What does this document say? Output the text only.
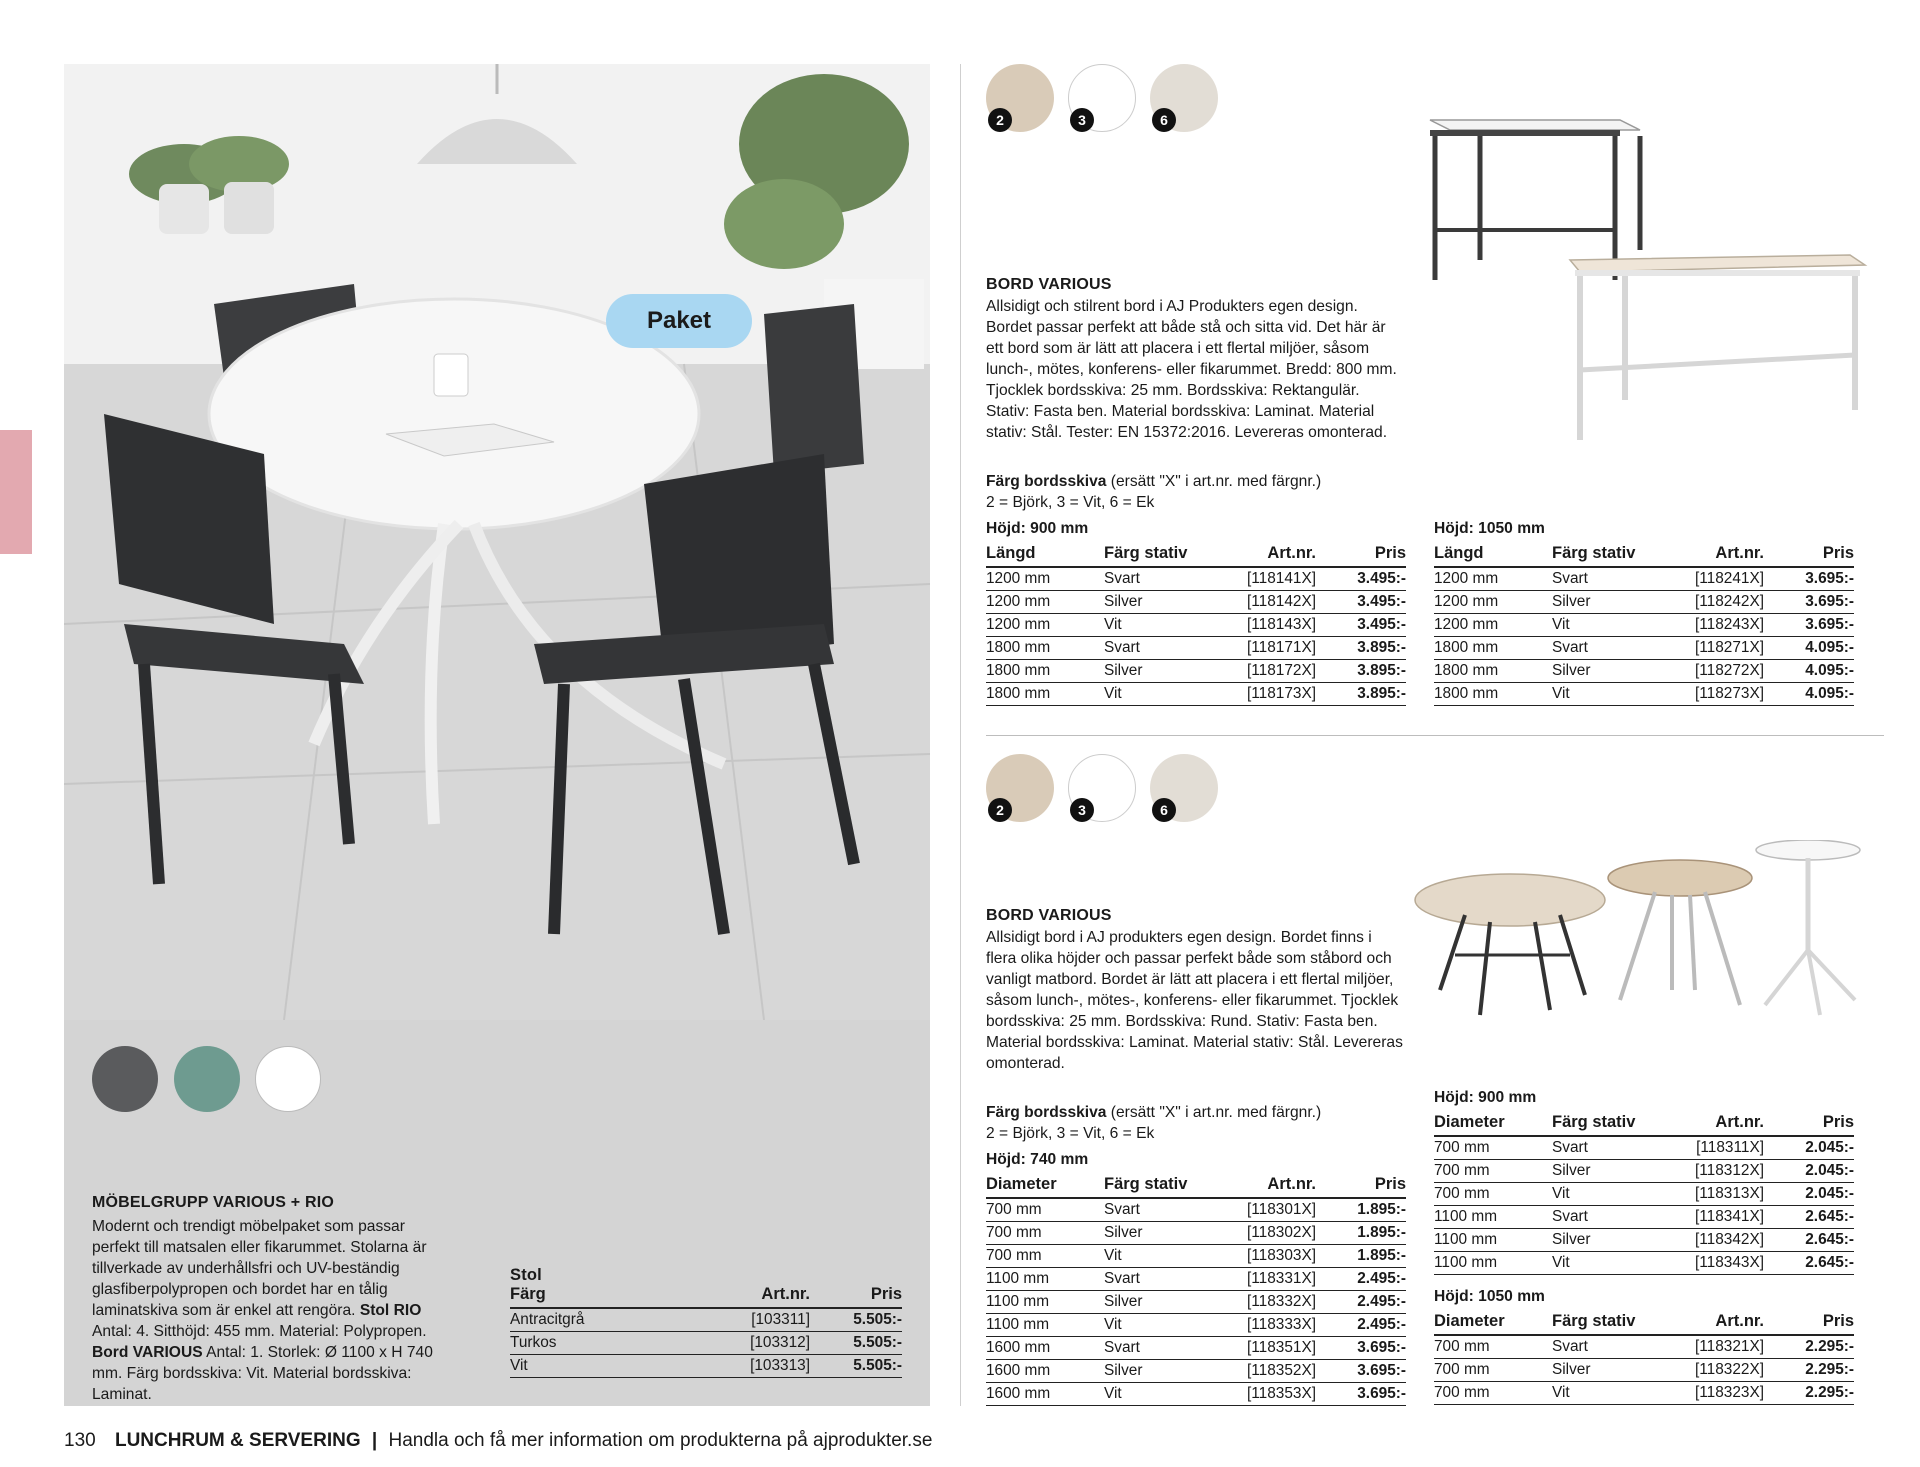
Paket
MÖBELGRUPP VARIOUS + RIO
Modernt och trendigt möbelpaket som passar perfekt till matsalen eller fikarummet. Stolarna är tillverkade av underhållsfri och UV-beständig glasfiberpolypropen och bordet har en tålig laminatskiva som är enkel att rengöra. Stol RIO Antal: 4. Sitthöjd: 455 mm. Material: Polypropen. Bord VARIOUS Antal: 1. Storlek: Ø 1100 x H 740 mm. Färg bordsskiva: Vit. Material bordsskiva: Laminat.
Stol
Färg	Art.nr.	Pris
Antracitgrå	[103311]	5.505:-
Turkos	[103312]	5.505:-
Vit	[103313]	5.505:-
2	3	6
BORD VARIOUS
Allsidigt och stilrent bord i AJ Produkters egen design. Bordet passar perfekt att både stå och sitta vid. Det här är ett bord som är lätt att placera i ett flertal miljöer, såsom lunch-, mötes, konferens- eller fikarummet. Bredd: 800 mm. Tjocklek bordsskiva: 25 mm. Bordsskiva: Rektangulär. Stativ: Fasta ben. Material bordsskiva: Laminat. Material stativ: Stål. Tester: EN 15372:2016. Levereras omonterad.
Färg bordsskiva (ersätt "X" i art.nr. med färgnr.)
2 = Björk, 3 = Vit, 6 = Ek
Höjd: 900 mm
Längd	Färg stativ	Art.nr.	Pris
1200 mm	Svart	[118141X]	3.495:-
1200 mm	Silver	[118142X]	3.495:-
1200 mm	Vit	[118143X]	3.495:-
1800 mm	Svart	[118171X]	3.895:-
1800 mm	Silver	[118172X]	3.895:-
1800 mm	Vit	[118173X]	3.895:-
Höjd: 1050 mm
Längd	Färg stativ	Art.nr.	Pris
1200 mm	Svart	[118241X]	3.695:-
1200 mm	Silver	[118242X]	3.695:-
1200 mm	Vit	[118243X]	3.695:-
1800 mm	Svart	[118271X]	4.095:-
1800 mm	Silver	[118272X]	4.095:-
1800 mm	Vit	[118273X]	4.095:-
2	3	6
BORD VARIOUS
Allsidigt bord i AJ produkters egen design. Bordet finns i flera olika höjder och passar perfekt både som ståbord och vanligt matbord. Bordet är lätt att placera i ett flertal miljöer, såsom lunch-, mötes-, konferens- eller fikarummet. Tjocklek bordsskiva: 25 mm. Bordsskiva: Rund. Stativ: Fasta ben. Material bordsskiva: Laminat. Material stativ: Stål. Levereras omonterad.
Färg bordsskiva (ersätt "X" i art.nr. med färgnr.)
2 = Björk, 3 = Vit, 6 = Ek
Höjd: 740 mm
Diameter	Färg stativ	Art.nr.	Pris
700 mm	Svart	[118301X]	1.895:-
700 mm	Silver	[118302X]	1.895:-
700 mm	Vit	[118303X]	1.895:-
1100 mm	Svart	[118331X]	2.495:-
1100 mm	Silver	[118332X]	2.495:-
1100 mm	Vit	[118333X]	2.495:-
1600 mm	Svart	[118351X]	3.695:-
1600 mm	Silver	[118352X]	3.695:-
1600 mm	Vit	[118353X]	3.695:-
Höjd: 900 mm
Diameter	Färg stativ	Art.nr.	Pris
700 mm	Svart	[118311X]	2.045:-
700 mm	Silver	[118312X]	2.045:-
700 mm	Vit	[118313X]	2.045:-
1100 mm	Svart	[118341X]	2.645:-
1100 mm	Silver	[118342X]	2.645:-
1100 mm	Vit	[118343X]	2.645:-
Höjd: 1050 mm
Diameter	Färg stativ	Art.nr.	Pris
700 mm	Svart	[118321X]	2.295:-
700 mm	Silver	[118322X]	2.295:-
700 mm	Vit	[118323X]	2.295:-
130 LUNCHRUM & SERVERING | Handla och få mer information om produkterna på ajprodukter.se
